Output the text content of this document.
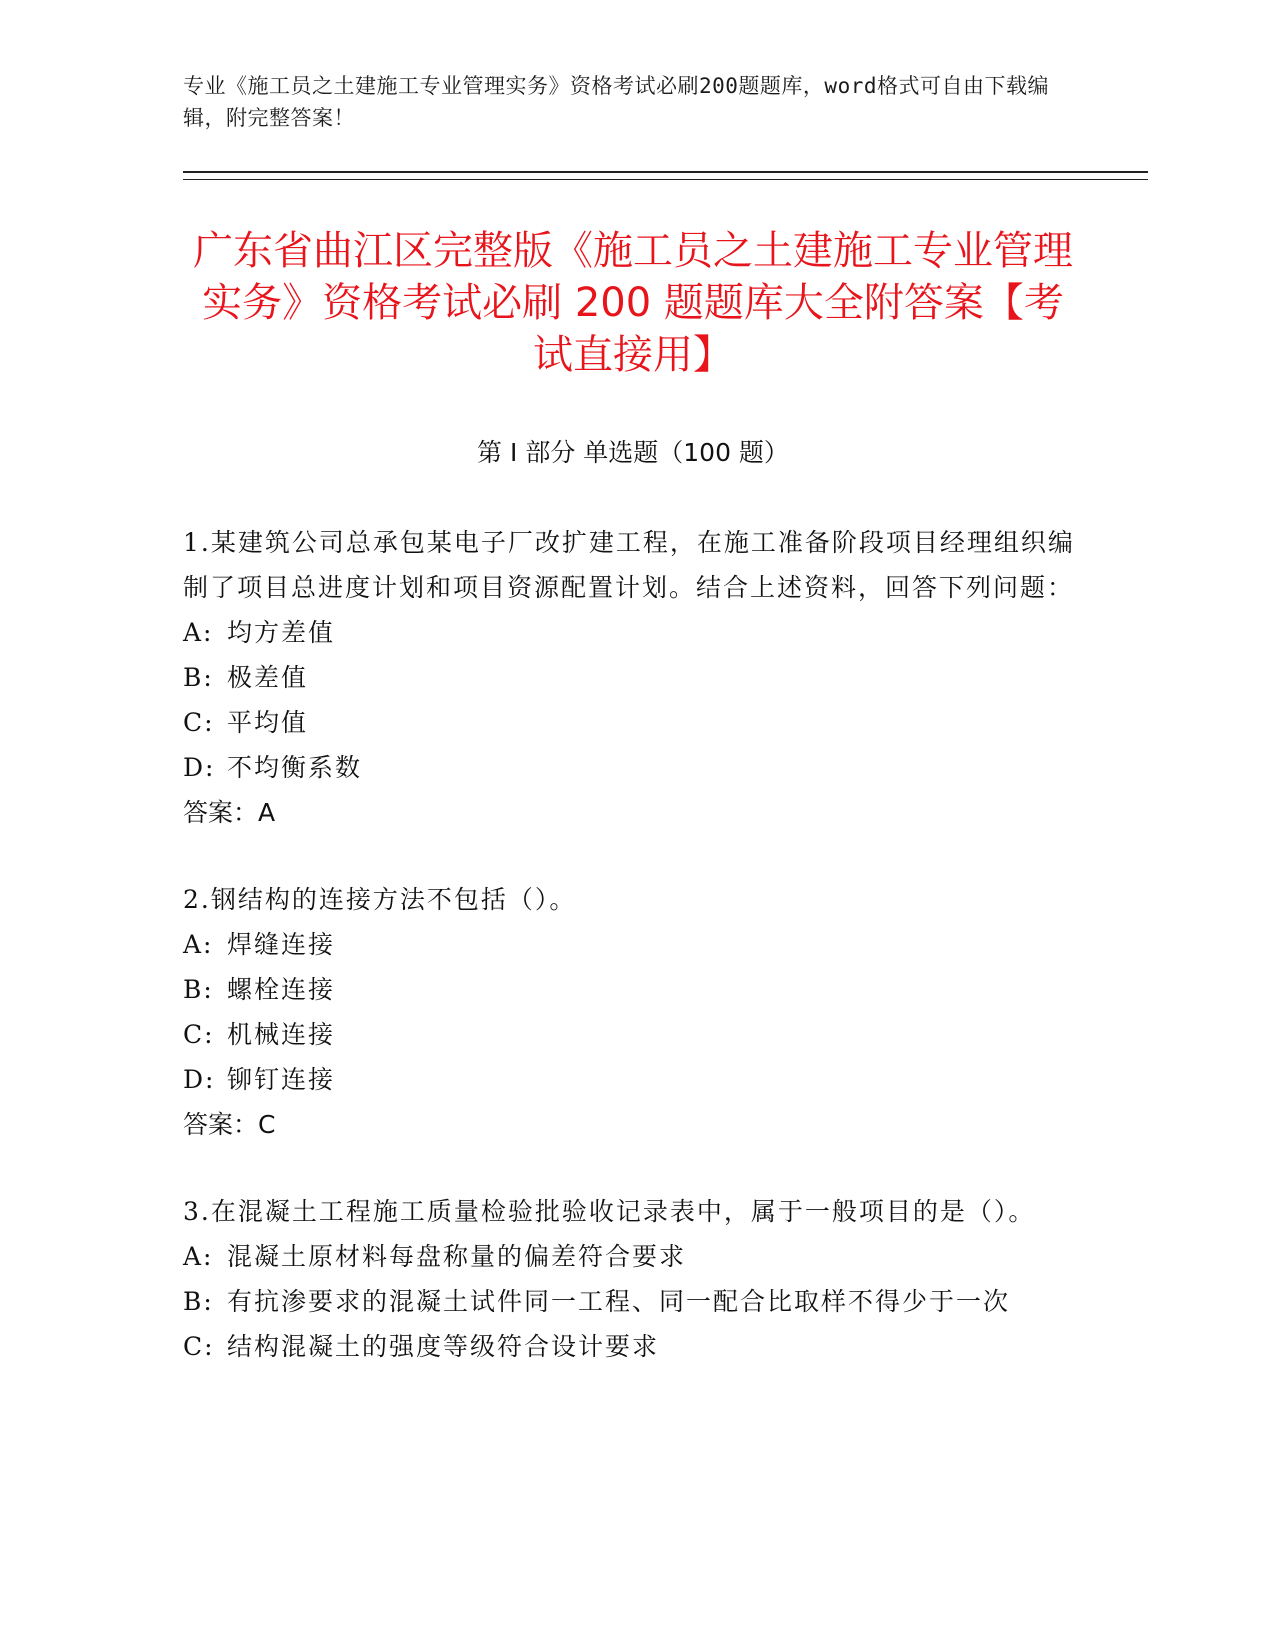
专业《施工员之土建施工专业管理实务》资格考试必刷200题题库，word格式可自由下载编辑，附完整答案！
广东省曲江区完整版《施工员之土建施工专业管理实务》资格考试必刷 200 题题库大全附答案【考试直接用】
第 I 部分 单选题（100 题）

1.某建筑公司总承包某电子厂改扩建工程，在施工准备阶段项目经理组织编制了项目总进度计划和项目资源配置计划。结合上述资料，回答下列问题：

A: 均方差值

B: 极差值

C: 平均值

D: 不均衡系数

答案：A

2.钢结构的连接方法不包括（）。

A: 焊缝连接

B: 螺栓连接

C: 机械连接

D: 铆钉连接

答案：C

3.在混凝土工程施工质量检验批验收记录表中，属于一般项目的是（）。

A: 混凝土原材料每盘称量的偏差符合要求

B: 有抗渗要求的混凝土试件同一工程、同一配合比取样不得少于一次

C: 结构混凝土的强度等级符合设计要求
